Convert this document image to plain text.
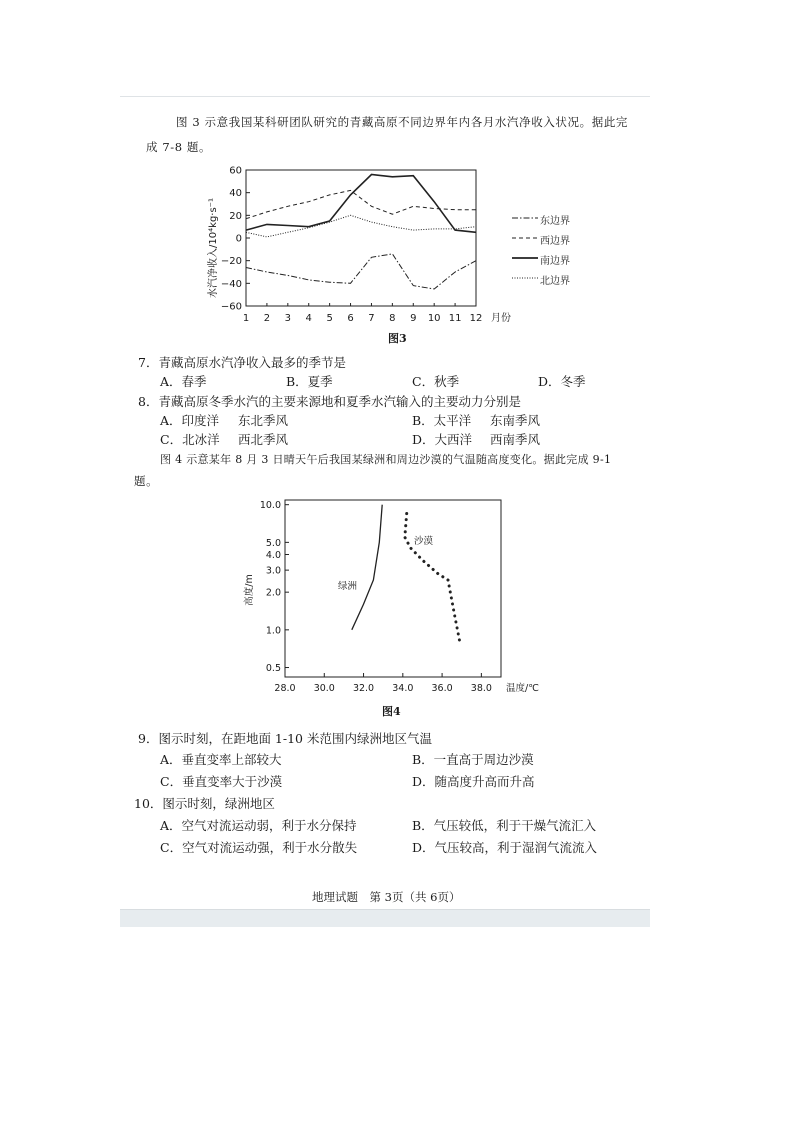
图 3 示意我国某科研团队研究的青藏高原不同边界年内各月水汽净收入状况。据此完
成 7-8 题。
60
40
20
0
−20
−40
−60
1 2 3 4 5 6 7 8 9 10 11 12
水汽净收入/10⁴kg·s⁻¹
月份
东边界
西边界
南边界
北边界
图3
7．青藏高原水汽净收入最多的季节是
A．春季	B．夏季	C．秋季	D．冬季
8．青藏高原冬季水汽的主要来源地和夏季水汽输入的主要动力分别是
A．印度洋 东北季风	B．太平洋 东南季风
C．北冰洋 西北季风	D．大西洋 西南季风
图 4 示意某年 8 月 3 日晴天午后我国某绿洲和周边沙漠的气温随高度变化。据此完成 9-1
题。
10.0
5.0
4.0
3.0
2.0
1.0
0.5
28.0 30.0 32.0 34.0 36.0 38.0
高度/m
温度/℃
绿洲
沙漠
图4
9．图示时刻，在距地面 1-10 米范围内绿洲地区气温
A．垂直变率上部较大	B．一直高于周边沙漠
C．垂直变率大于沙漠	D．随高度升高而升高
10．图示时刻，绿洲地区
A．空气对流运动弱，利于水分保持	B．气压较低，利于干燥气流汇入
C．空气对流运动强，利于水分散失	D．气压较高，利于湿润气流流入
地理试题　第 3页（共 6页）
